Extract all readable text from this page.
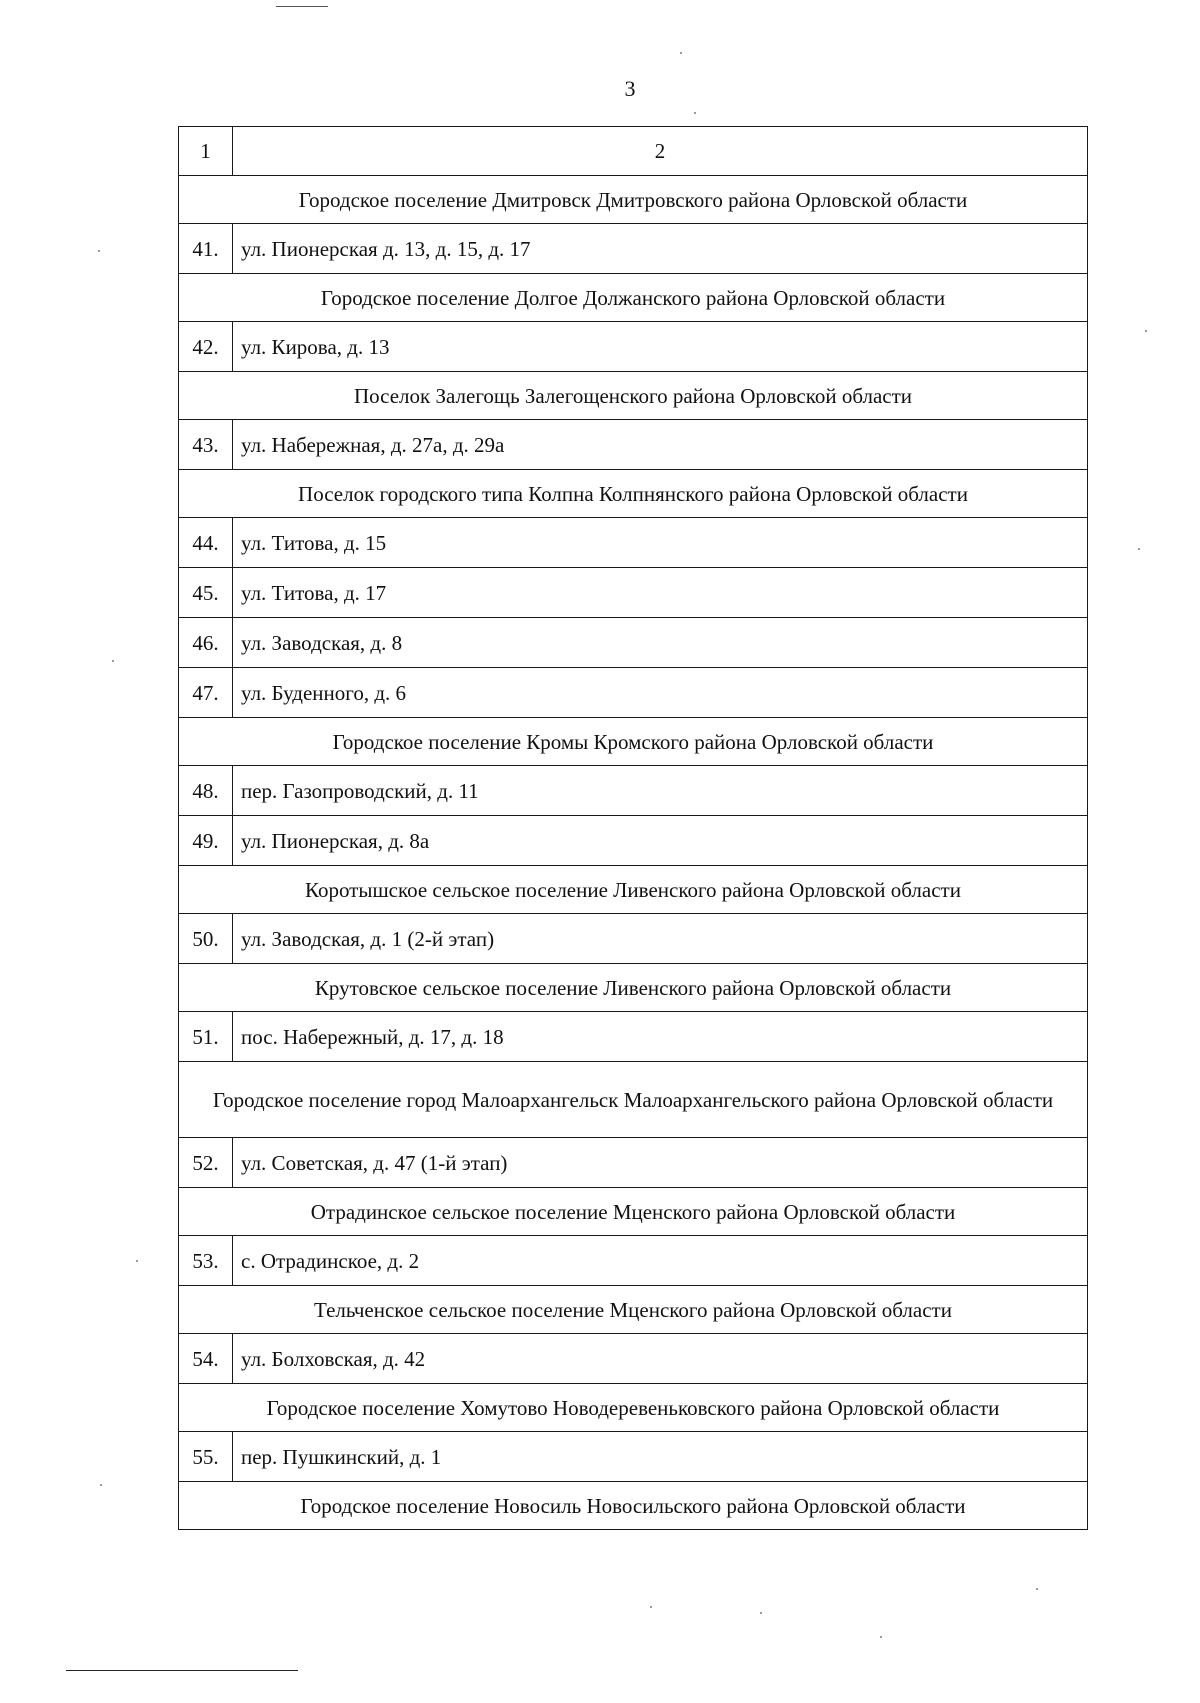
3
1	2
Городское поселение Дмитровск Дмитровского района Орловской области	
41.	ул. Пионерская д. 13, д. 15, д. 17
Городское поселение Долгое Должанского района Орловской области	
42.	ул. Кирова, д. 13
Поселок Залегощь Залегощенского района Орловской области	
43.	ул. Набережная, д. 27а, д. 29а
Поселок городского типа Колпна Колпнянского района Орловской области	
44.	ул. Титова, д. 15
45.	ул. Титова, д. 17
46.	ул. Заводская, д. 8
47.	ул. Буденного, д. 6
Городское поселение Кромы Кромского района Орловской области	
48.	пер. Газопроводский, д. 11
49.	ул. Пионерская, д. 8а
Коротышское сельское поселение Ливенского района Орловской области	
50.	ул. Заводская, д. 1 (2-й этап)
Крутовское сельское поселение Ливенского района Орловской области	
51.	пос. Набережный, д. 17, д. 18
Городское поселение город Малоархангельск Малоархангельского района Орловской области	
52.	ул. Советская, д. 47 (1-й этап)
Отрадинское сельское поселение Мценского района Орловской области	
53.	с. Отрадинское, д. 2
Тельченское сельское поселение Мценского района Орловской области	
54.	ул. Болховская, д. 42
Городское поселение Хомутово Новодеревеньковского района Орловской области	
55.	пер. Пушкинский, д. 1
Городское поселение Новосиль Новосильского района Орловской области	
